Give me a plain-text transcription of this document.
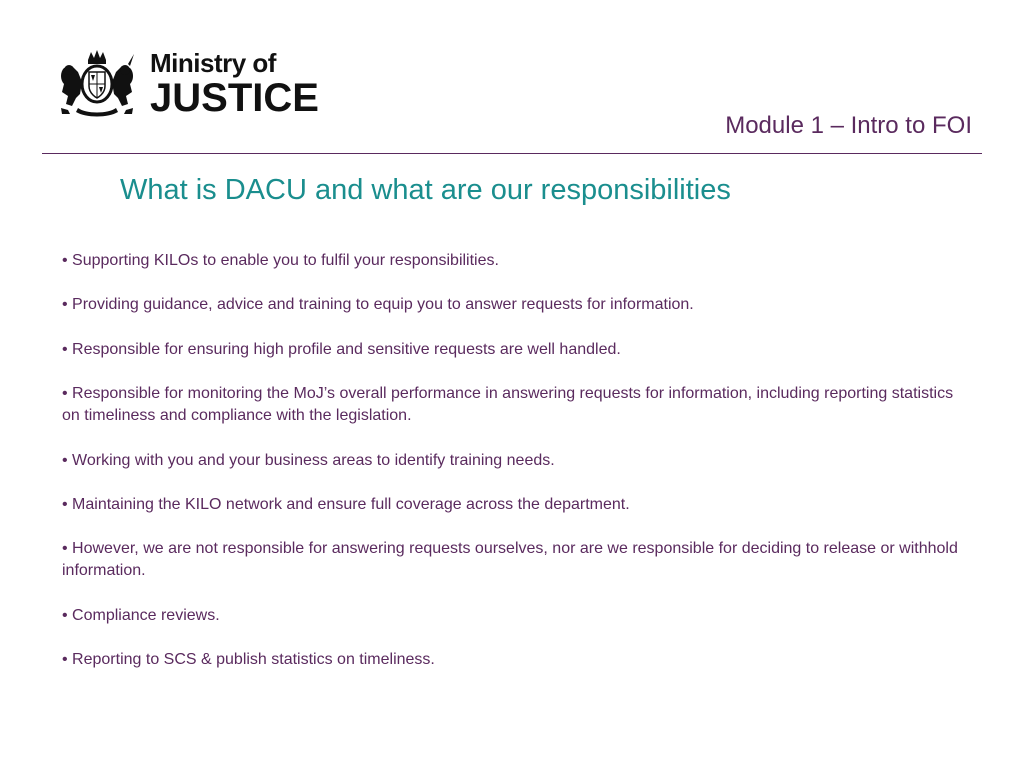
Ministry of
JUSTICE
Module 1 – Intro to FOI
What is DACU and what are our responsibilities
• Supporting KILOs to enable you to fulfil your responsibilities.
• Providing guidance, advice and training to equip you to answer requests for information.
• Responsible for ensuring high profile and sensitive requests are well handled.
• Responsible for monitoring the MoJ’s overall performance in answering requests for information, including reporting statistics on timeliness and compliance with the legislation.
• Working with you and your business areas to identify training needs.
• Maintaining the KILO network and ensure full coverage across the department.
• However, we are not responsible for answering requests ourselves, nor are we responsible for deciding to release or withhold information.
• Compliance reviews.
• Reporting to SCS & publish statistics on timeliness.
